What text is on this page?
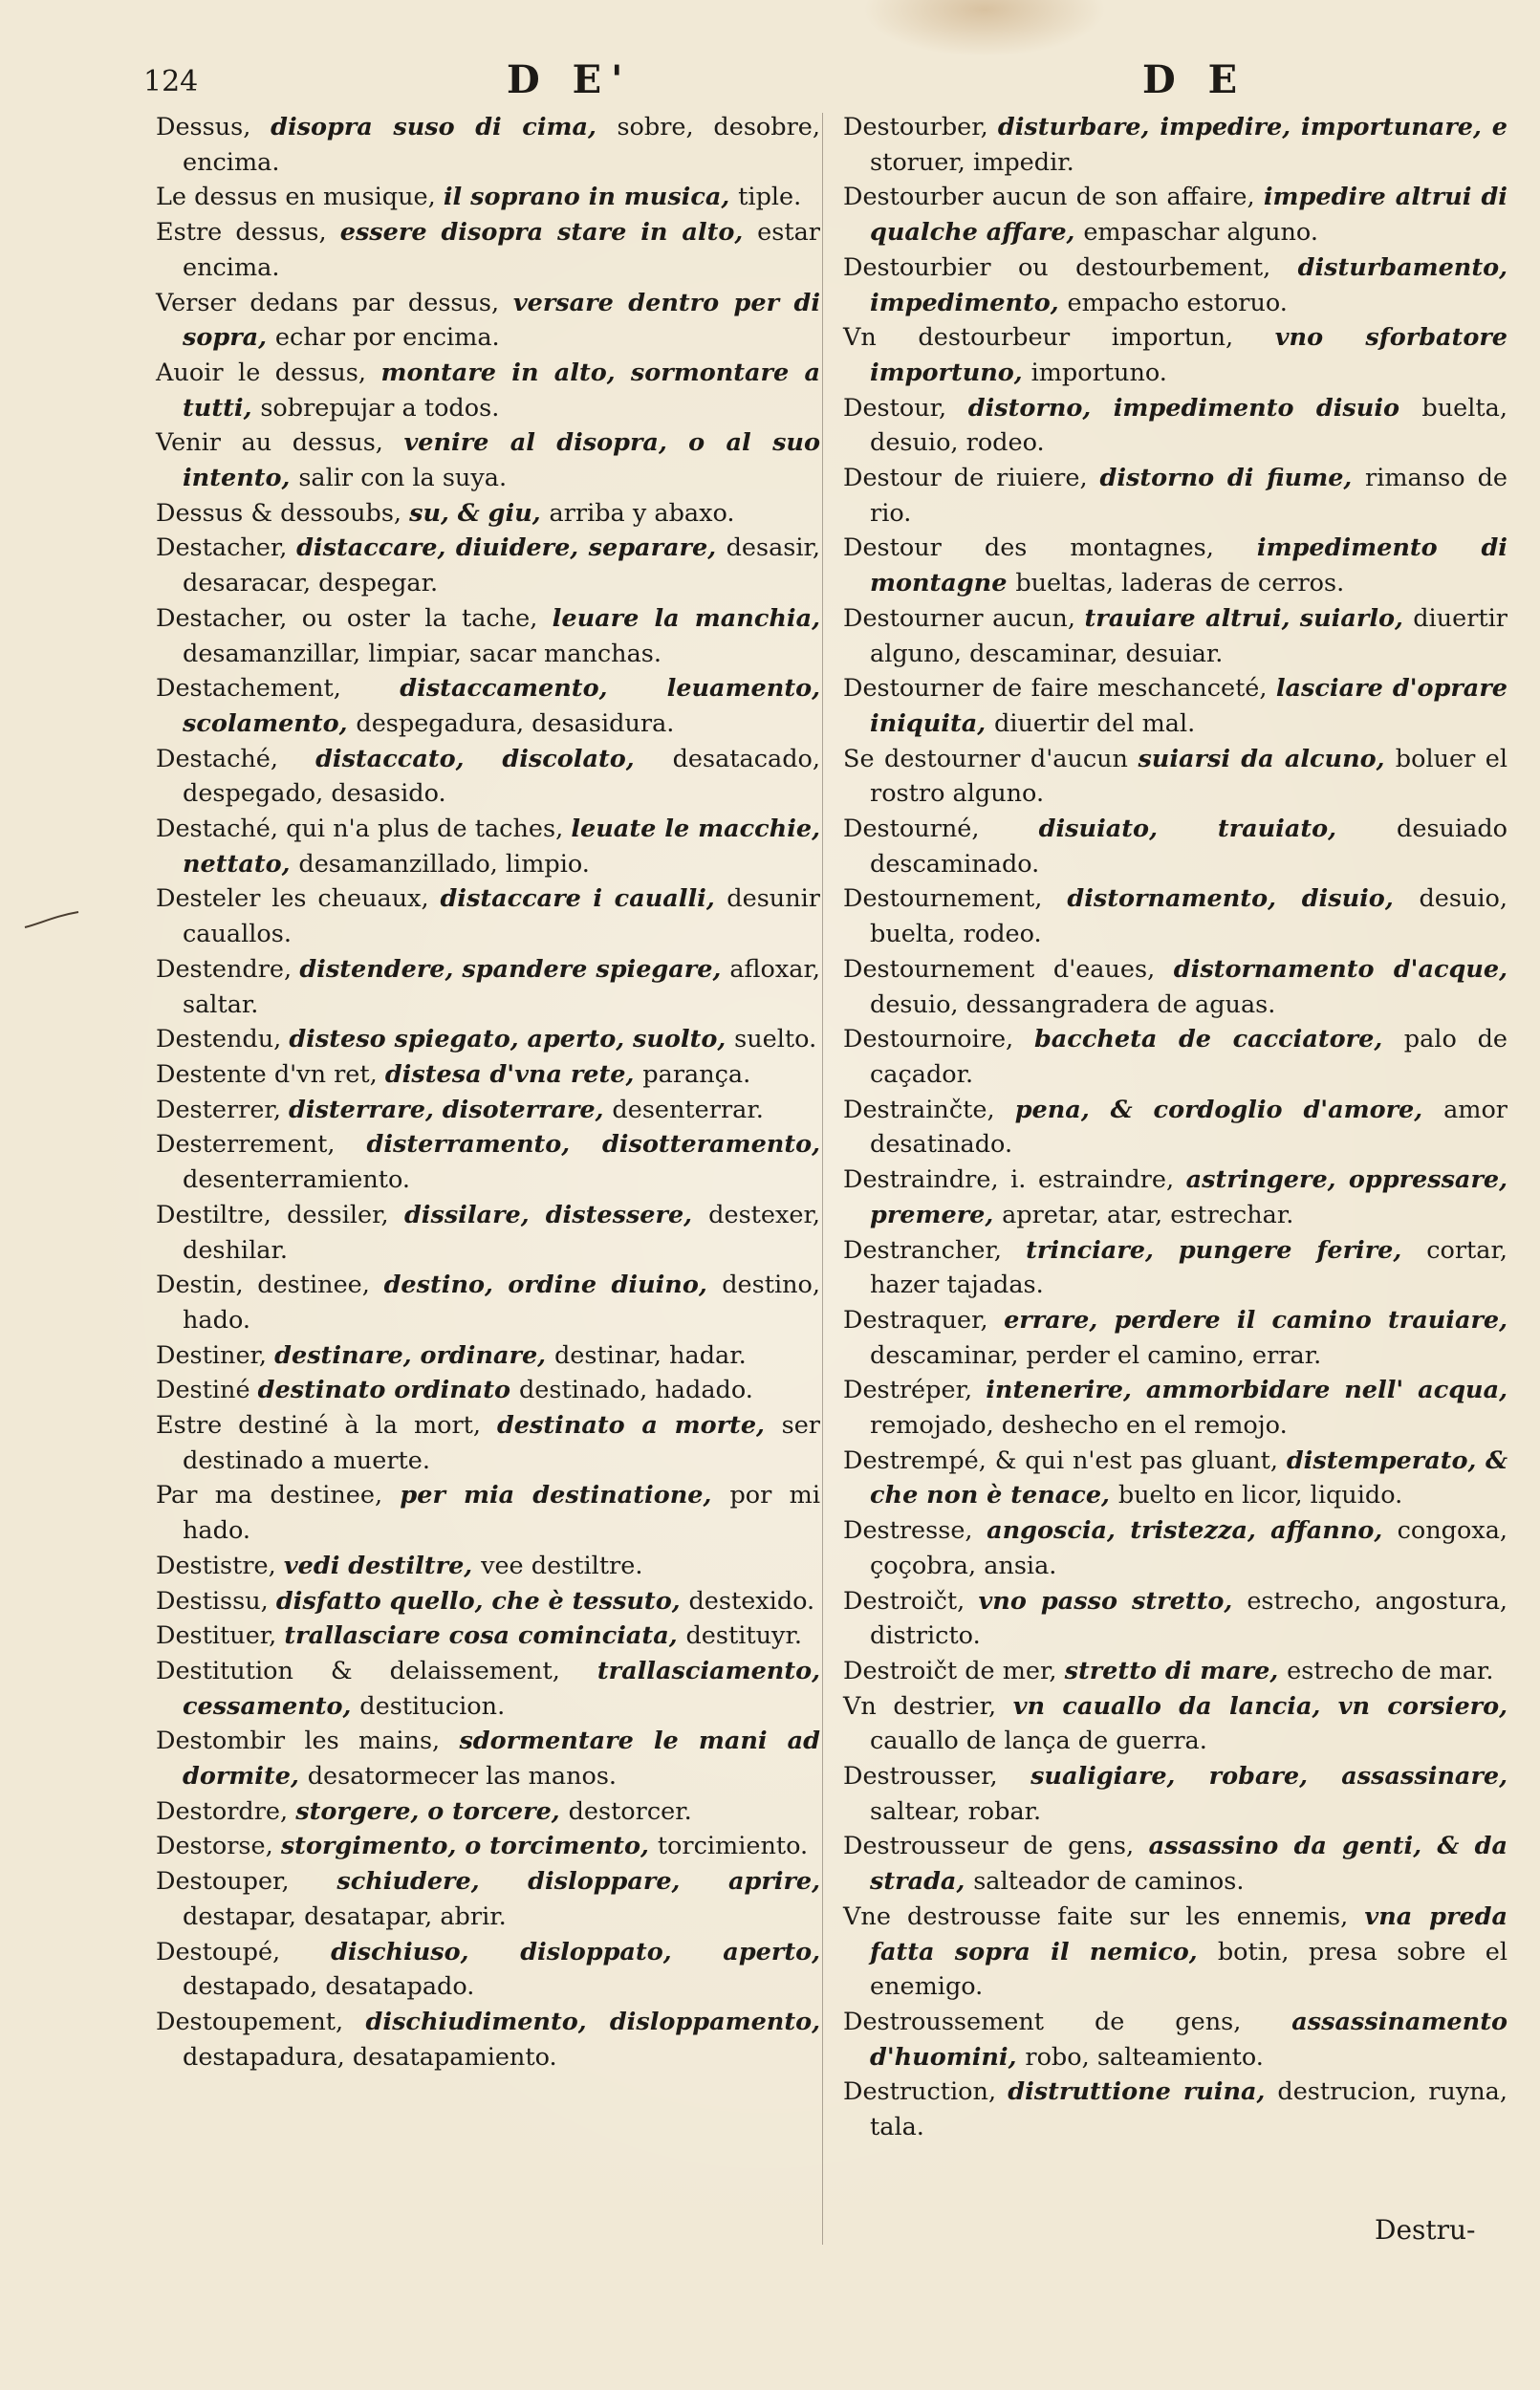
124	D E'	D E
Dessus, disopra suso di cima, sobre, desobre, encima.
Le dessus en musique, il soprano in musica, tiple.
Estre dessus, essere disopra stare in alto, estar encima.
Verser dedans par dessus, versare dentro per di sopra, echar por encima.
Auoir le dessus, montare in alto, sormontare a tutti, sobrepujar a todos.
Venir au dessus, venire al disopra, o al suo intento, salir con la suya.
Dessus & dessoubs, su, & giu, arriba y abaxo.
Destacher, distaccare, diuidere, separare, desasir, desaracar, despegar.
Destacher, ou oster la tache, leuare la manchia, desamanzillar, limpiar, sacar manchas.
Destachement, distaccamento, leuamento, scolamento, despegadura, desasidura.
Destaché, distaccato, discolato, desatacado, despegado, desasido.
Destaché, qui n'a plus de taches, leuate le macchie, nettato, desamanzillado, limpio.
Desteler les cheuaux, distaccare i caualli, desunir cauallos.
Destendre, distendere, spandere spiegare, afloxar, saltar.
Destendu, distesо spiegato, aperto, suolto, suelto.
Destente d'vn ret, distesa d'vna rete, parança.
Desterrer, disterrare, disoterrare, desenterrar.
Desterrement, disterramento, disotteramento, desenterramiento.
Destiltre, dessiler, dissilare, distessere, destexer, deshilar.
Destin, destinee, destino, ordine diuino, destino, hado.
Destiner, destinare, ordinare, destinar, hadar.
Destiné destinato ordinato destinado, hadado.
Estre destiné à la mort, destinato a morte, ser destinado a muerte.
Par ma destinee, per mia destinatione, por mi hado.
Destistre, vedi destiltre, vee destiltre.
Destissu, disfatto quello, che è tessuto, destexido.
Destituer, trallasciare cosa cominciata, destituyr.
Destitution & delaissement, trallasciamento, cessamento, destitucion.
Destombir les mains, sdormentare le mani ad dormite, desatormecer las manos.
Destordre, storgere, o torcere, destorcer.
Destorse, storgimento, o torcimento, torcimiento.
Destouper, schiudere, disloppare, aprire, destapar, desatapar, abrir.
Destoupé, dischiuso, disloppato, aperto, destapado, desatapado.
Destoupement, dischiudimento, disloppamento, destapadura, desatapamiento.
Destourber, disturbare, impedire, importunare, e storuer, impedir.
Destourber aucun de son affaire, impedire altrui di qualche affare, empaschar alguno.
Destourbier ou destourbement, disturbamento, impedimento, empacho estoruo.
Vn destourbeur importun, vno sforbatore importuno, importuno.
Destour, distorno, impedimento disuio buelta, desuio, rodeo.
Destour de riuiere, distorno di fiume, rimanso de rio.
Destour des montagnes, impedimento di montagne bueltas, laderas de cerros.
Destourner aucun, trauiare altrui, suiarlo, diuertir alguno, descaminar, desuiar.
Destourner de faire meschanceté, lasciare d'oprare iniquita, diuertir del mal.
Se destourner d'aucun suiarsi da alcuno, boluer el rostro alguno.
Destourné, disuiato, trauiato, desuiado descaminado.
Destournement, distornamento, disuio, desuio, buelta, rodeo.
Destournement d'eaues, distornamento d'acque, desuio, dessangradera de aguas.
Destournoire, baccheta de cacciatore, palo de caçador.
Destrainčte, pena, & cordoglio d'amore, amor desatinado.
Destraindre, i. estraindre, astringere, oppressare, premere, apretar, atar, estrechar.
Destrancher, trinciare, pungere ferire, cortar, hazer tajadas.
Destraquer, errare, perdere il camino trauiare, descaminar, perder el camino, errar.
Destréper, intenerire, ammorbidare nell' acqua, remojado, deshecho en el remojo.
Destrempé, & qui n'est pas gluant, distemperato, & che non è tenace, buelto en licor, liquido.
Destresse, angoscia, tristezza, affanno, congoxa, çoçobra, ansia.
Destroičt, vno passo stretto, estrecho, angostura, districto.
Destroičt de mer, stretto di mare, estrecho de mar.
Vn destrier, vn cauallo da lancia, vn corsiero, cauallo de lança de guerra.
Destrousser, sualigiare, robare, assassinare, saltear, robar.
Destrousseur de gens, assassino da genti, & da strada, salteador de caminos.
Vne destrousse faite sur les ennemis, vna preda fatta sopra il nemico, botin, presa sobre el enemigo.
Destroussement de gens, assassinamento d'huomini, robo, salteamiento.
Destruction, distruttione ruina, destrucion, ruyna, tala.
Destru-
